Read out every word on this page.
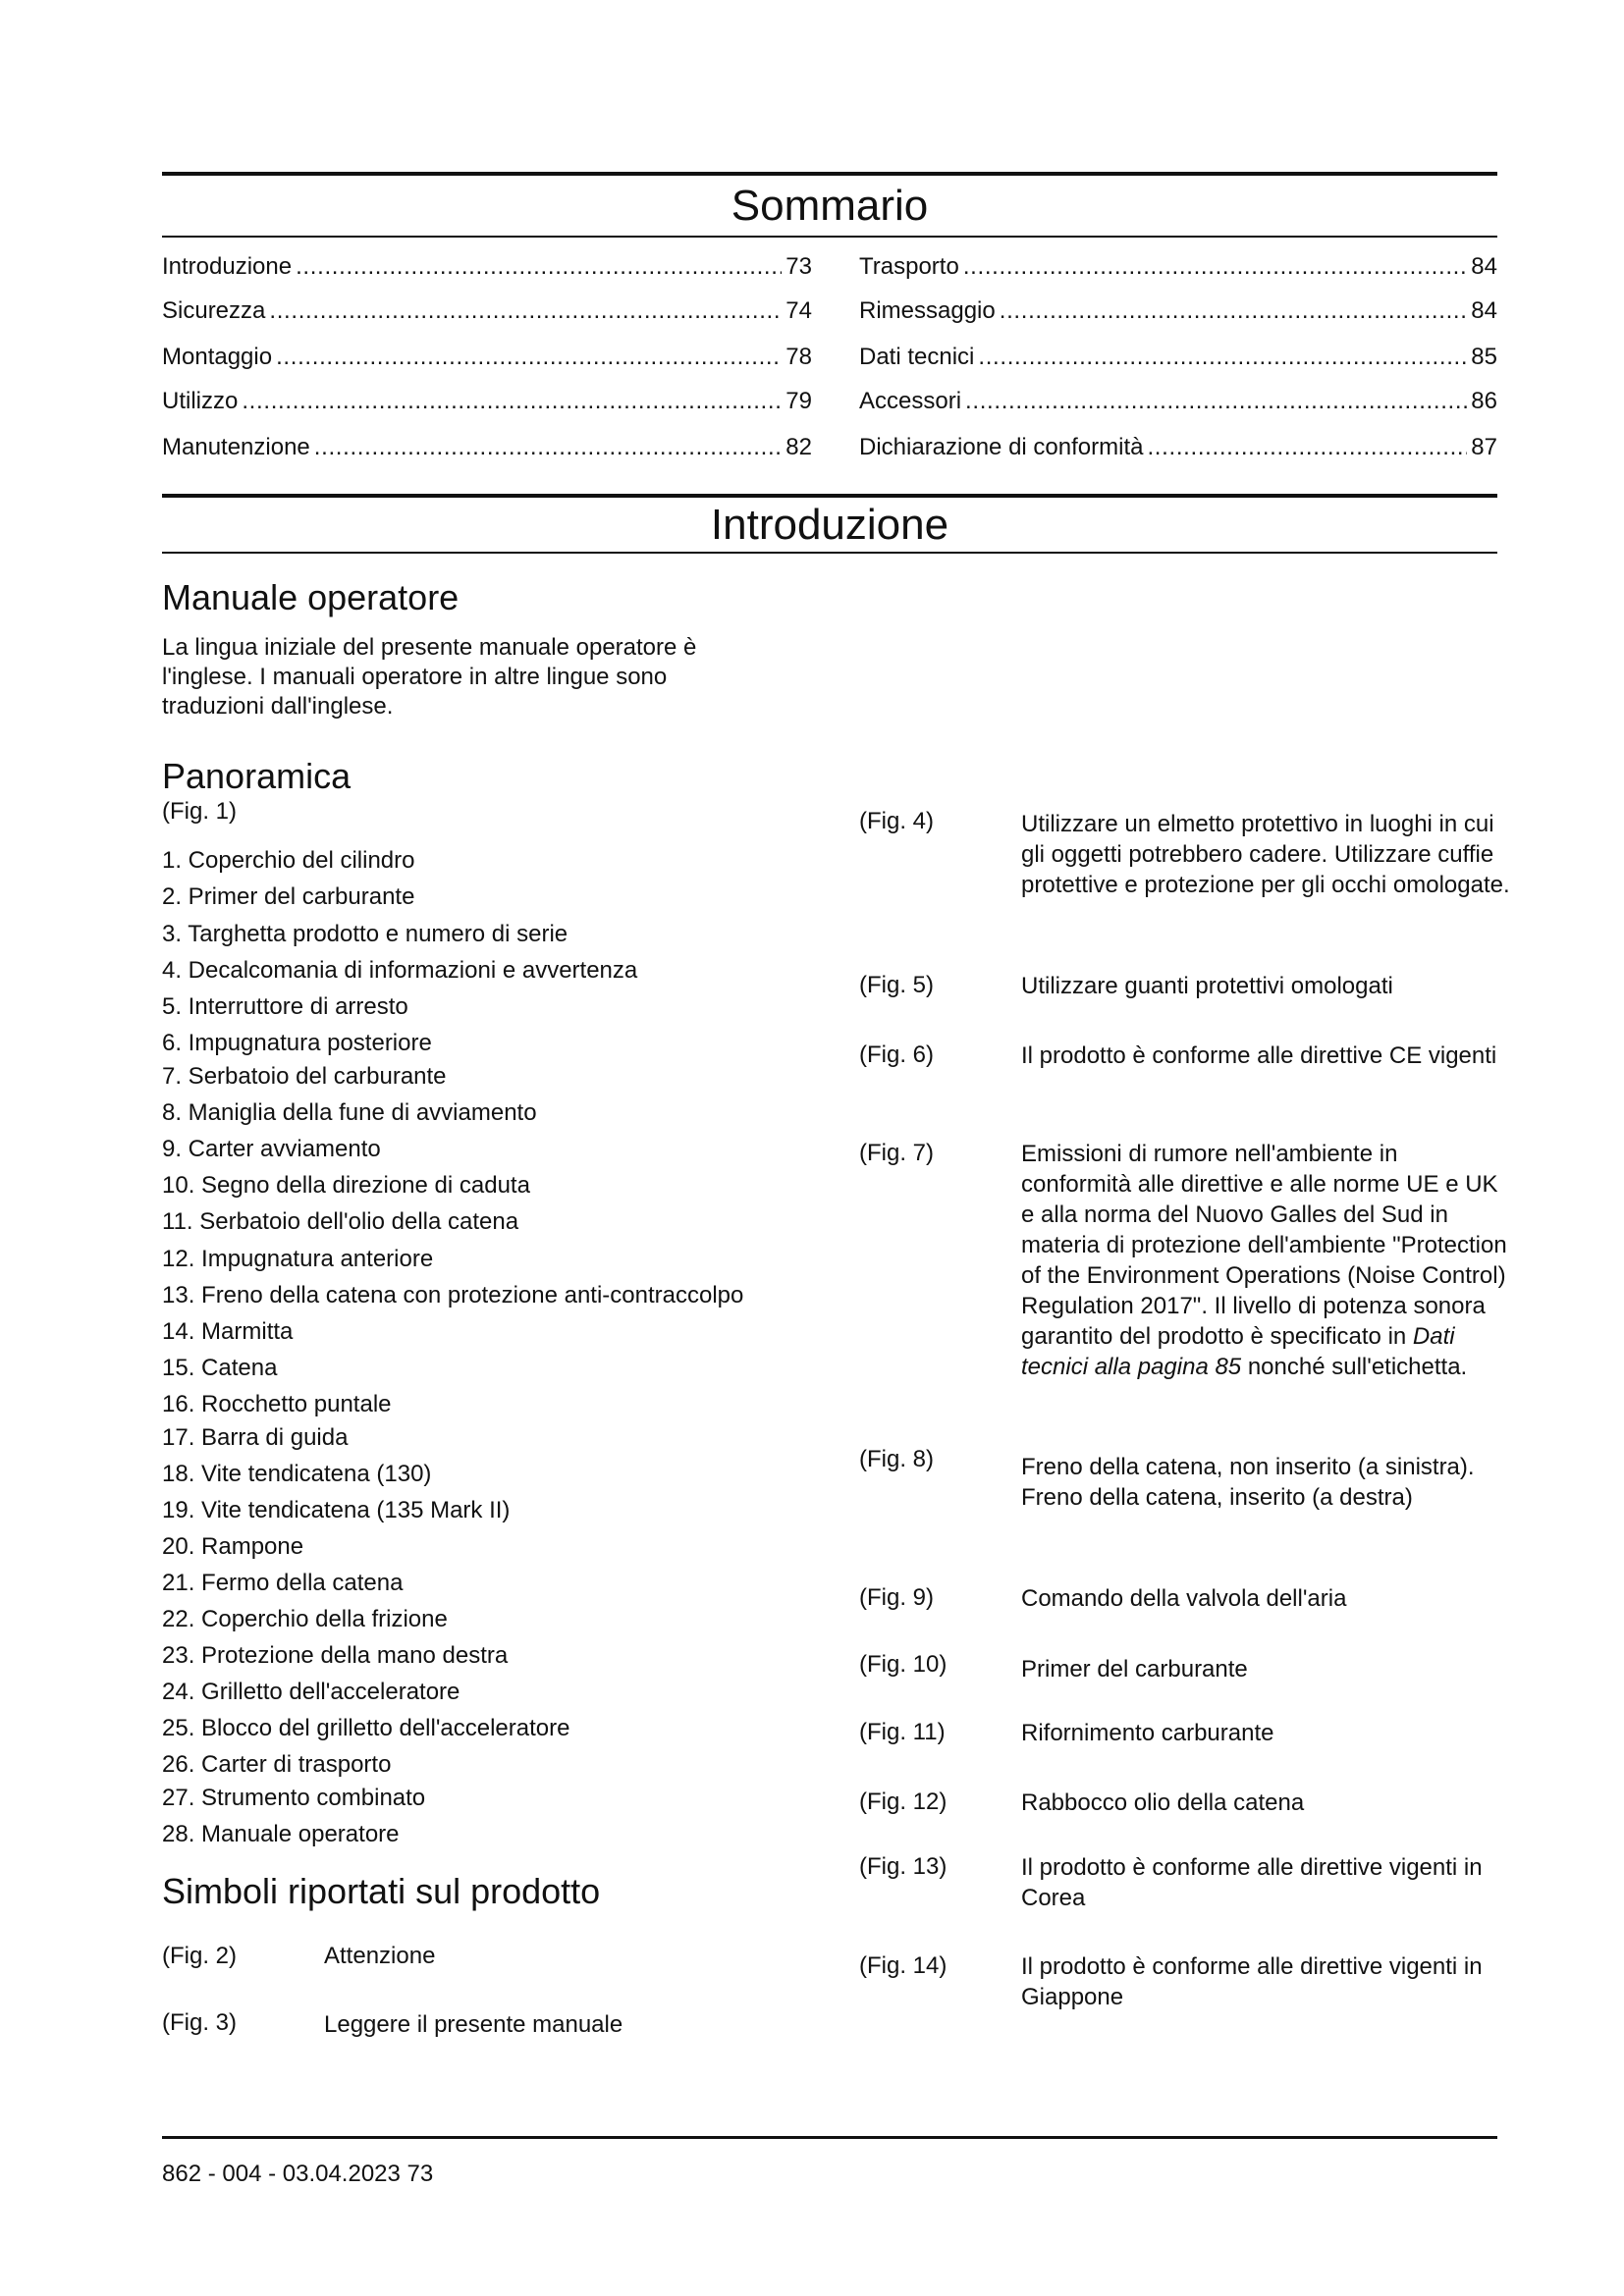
Sommario
Introduzione . . .	73
Sicurezza . . .	74
Montaggio . . .	78
Utilizzo . . .	79
Manutenzione . . .	82
Trasporto . . .	84
Rimessaggio . . .	84
Dati tecnici . . .	85
Accessori . . .	86
Dichiarazione di conformità . . .	87
Introduzione
Manuale operatore

La lingua iniziale del presente manuale operatore è l'inglese. I manuali operatore in altre lingue sono traduzioni dall'inglese.

Panoramica
(Fig. 1)
1. Coperchio del cilindro
2. Primer del carburante
3. Targhetta prodotto e numero di serie
4. Decalcomania di informazioni e avvertenza
5. Interruttore di arresto
6. Impugnatura posteriore
7. Serbatoio del carburante
8. Maniglia della fune di avviamento
9. Carter avviamento
10. Segno della direzione di caduta
11. Serbatoio dell'olio della catena
12. Impugnatura anteriore
13. Freno della catena con protezione anti-contraccolpo
14. Marmitta
15. Catena
16. Rocchetto puntale
17. Barra di guida
18. Vite tendicatena (130)
19. Vite tendicatena (135 Mark II)
20. Rampone
21. Fermo della catena
22. Coperchio della frizione
23. Protezione della mano destra
24. Grilletto dell'acceleratore
25. Blocco del grilletto dell'acceleratore
26. Carter di trasporto
27. Strumento combinato
28. Manuale operatore
Simboli riportati sul prodotto
(Fig. 2)	Attenzione
(Fig. 3)	Leggere il presente manuale
(Fig. 4)	Utilizzare un elmetto protettivo in luoghi in cui gli oggetti potrebbero cadere. Utilizzare cuffie protettive e protezione per gli occhi omologate.
(Fig. 5)	Utilizzare guanti protettivi omologati
(Fig. 6)	Il prodotto è conforme alle direttive CE vigenti
(Fig. 7)	Emissioni di rumore nell'ambiente in conformità alle direttive e alle norme UE e UK e alla norma del Nuovo Galles del Sud in materia di protezione dell'ambiente "Protection of the Environment Operations (Noise Control) Regulation 2017". Il livello di potenza sonora garantito del prodotto è specificato in Dati tecnici alla pagina 85 nonché sull'etichetta.
(Fig. 8)	Freno della catena, non inserito (a sinistra). Freno della catena, inserito (a destra)
(Fig. 9)	Comando della valvola dell'aria
(Fig. 10)	Primer del carburante
(Fig. 11)	Rifornimento carburante
(Fig. 12)	Rabbocco olio della catena
(Fig. 13)	Il prodotto è conforme alle direttive vigenti in Corea
(Fig. 14)	Il prodotto è conforme alle direttive vigenti in Giappone
862 - 004 - 03.04.2023 73
